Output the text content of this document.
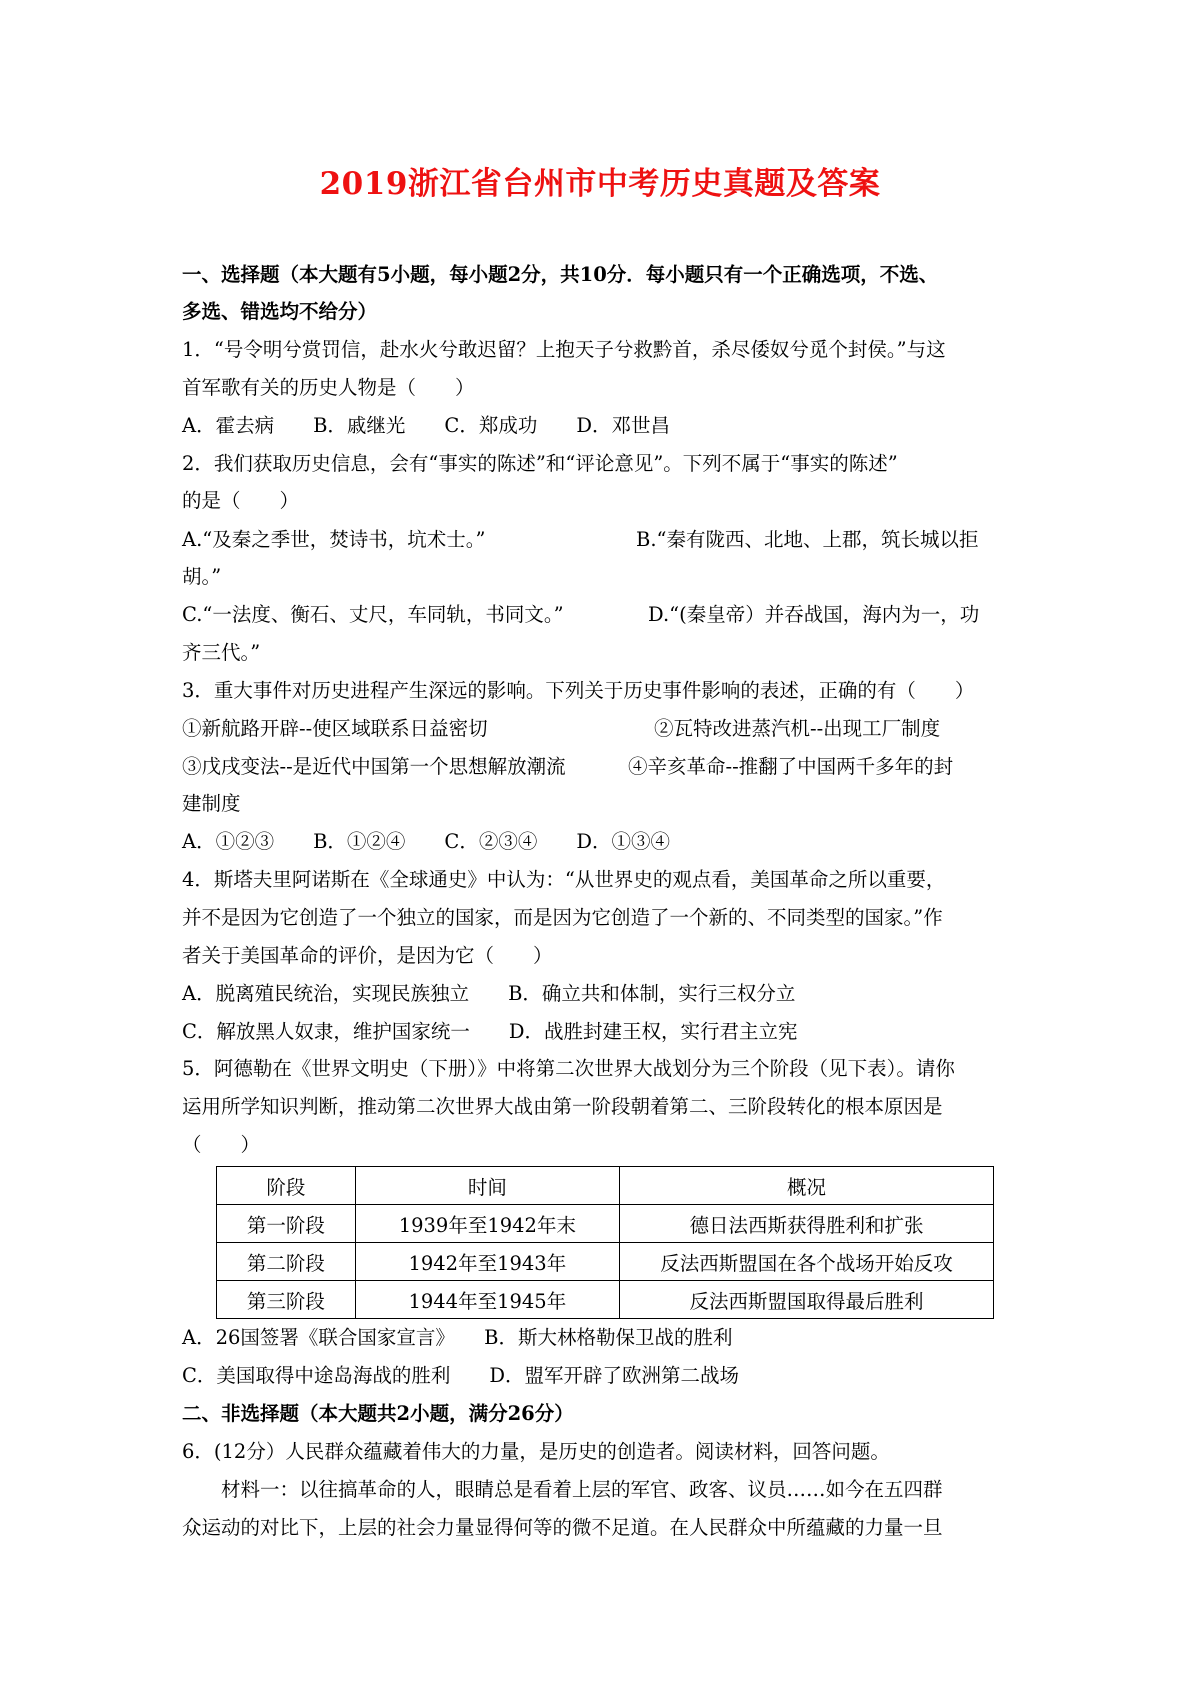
2019浙江省台州市中考历史真题及答案
一、选择题（本大题有5小题，每小题2分，共10分．每小题只有一个正确选项，不选、
多选、错选均不给分）
1．“号令明兮赏罚信，赴水火兮敢迟留？上抱天子兮救黔首，杀尽倭奴兮觅个封侯。”与这
首军歌有关的历史人物是（　　）
A．霍去病　　B．戚继光　　C．郑成功　　D．邓世昌
2．我们获取历史信息，会有“事实的陈述”和“评论意见”。下列不属于“事实的陈述”
的是（　　）
A.“及秦之季世，焚诗书，坑术士。”	B.“秦有陇西、北地、上郡，筑长城以拒
胡。”
C.“一法度、衡石、丈尺，车同轨，书同文。”	D.“(秦皇帝）并吞战国，海内为一，功
齐三代。”
3．重大事件对历史进程产生深远的影响。下列关于历史事件影响的表述，正确的有（　　）
①新航路开辟--使区域联系日益密切	②瓦特改进蒸汽机--出现工厂制度
③戊戌变法--是近代中国第一个思想解放潮流	④辛亥革命--推翻了中国两千多年的封
建制度
A．①②③　　B．①②④　　C．②③④　　D．①③④
4．斯塔夫里阿诺斯在《全球通史》中认为：“从世界史的观点看，美国革命之所以重要，
并不是因为它创造了一个独立的国家，而是因为它创造了一个新的、不同类型的国家。”作
者关于美国革命的评价，是因为它（　　）
A．脱离殖民统治，实现民族独立　　B．确立共和体制，实行三权分立
C．解放黑人奴隶，维护国家统一　　D．战胜封建王权，实行君主立宪
5．阿德勒在《世界文明史（下册）》中将第二次世界大战划分为三个阶段（见下表）。请你
运用所学知识判断，推动第二次世界大战由第一阶段朝着第二、三阶段转化的根本原因是
（　　）
阶段	时间	概况
第一阶段	1939年至1942年末	德日法西斯获得胜利和扩张
第二阶段	1942年至1943年	反法西斯盟国在各个战场开始反攻
第三阶段	1944年至1945年	反法西斯盟国取得最后胜利
A．26国签署《联合国家宣言》　　B．斯大林格勒保卫战的胜利
C．美国取得中途岛海战的胜利　　D．盟军开辟了欧洲第二战场
二、非选择题（本大题共2小题，满分26分）
6．(12分）人民群众蕴藏着伟大的力量，是历史的创造者。阅读材料，回答问题。
材料一：以往搞革命的人，眼睛总是看着上层的军官、政客、议员……如今在五四群
众运动的对比下，上层的社会力量显得何等的微不足道。在人民群众中所蕴藏的力量一旦
